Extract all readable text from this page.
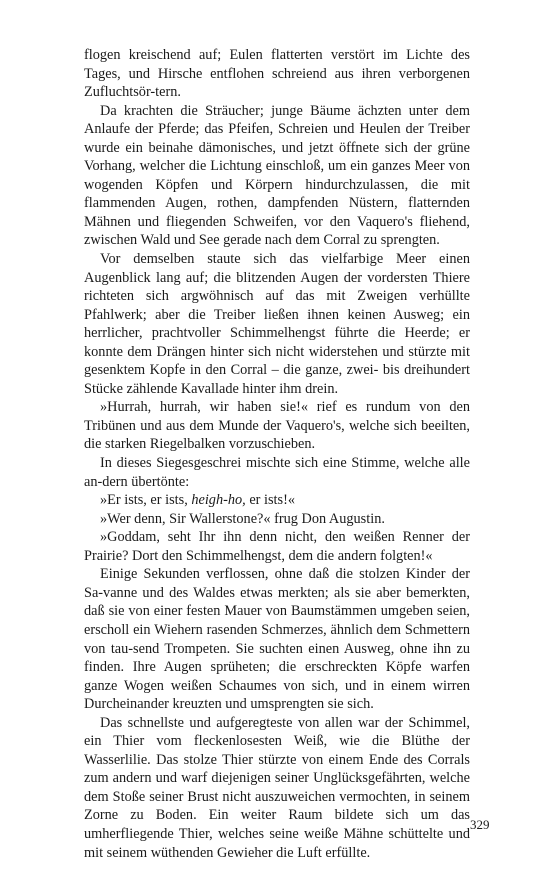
flogen kreischend auf; Eulen flatterten verstört im Lichte des Tages, und Hirsche entflohen schreiend aus ihren verborgenen Zufluchtsör-tern.

Da krachten die Sträucher; junge Bäume ächzten unter dem Anlaufe der Pferde; das Pfeifen, Schreien und Heulen der Treiber wurde ein beinahe dämonisches, und jetzt öffnete sich der grüne Vorhang, welcher die Lichtung einschloß, um ein ganzes Meer von wogenden Köpfen und Körpern hindurchzulassen, die mit flammenden Augen, rothen, dampfenden Nüstern, flatternden Mähnen und fliegenden Schweifen, vor den Vaquero's fliehend, zwischen Wald und See gerade nach dem Corral zu sprengten.

Vor demselben staute sich das vielfarbige Meer einen Augenblick lang auf; die blitzenden Augen der vordersten Thiere richteten sich argwöhnisch auf das mit Zweigen verhüllte Pfahlwerk; aber die Treiber ließen ihnen keinen Ausweg; ein herrlicher, prachtvoller Schimmelhengst führte die Heerde; er konnte dem Drängen hinter sich nicht widerstehen und stürzte mit gesenktem Kopfe in den Corral – die ganze, zwei- bis dreihundert Stücke zählende Kavallade hinter ihm drein.

»Hurrah, hurrah, wir haben sie!« rief es rundum von den Tribünen und aus dem Munde der Vaquero's, welche sich beeilten, die starken Riegelbalken vorzuschieben.

In dieses Siegesgeschrei mischte sich eine Stimme, welche alle an-dern übertönte:

»Er ists, er ists, heigh-ho, er ists!«

»Wer denn, Sir Wallerstone?« frug Don Augustin.

»Goddam, seht Ihr ihn denn nicht, den weißen Renner der Prairie? Dort den Schimmelhengst, dem die andern folgten!«

Einige Sekunden verflossen, ohne daß die stolzen Kinder der Sa-vanne und des Waldes etwas merkten; als sie aber bemerkten, daß sie von einer festen Mauer von Baumstämmen umgeben seien, erscholl ein Wiehern rasenden Schmerzes, ähnlich dem Schmettern von tau-send Trompeten. Sie suchten einen Ausweg, ohne ihn zu finden. Ihre Augen sprüheten; die erschreckten Köpfe warfen ganze Wogen weißen Schaumes von sich, und in einem wirren Durcheinander kreuzten und umsprengten sie sich.

Das schnellste und aufgeregteste von allen war der Schimmel, ein Thier vom fleckenlosesten Weiß, wie die Blüthe der Wasserlilie. Das stolze Thier stürzte von einem Ende des Corrals zum andern und warf diejenigen seiner Unglücksgefährten, welche dem Stoße seiner Brust nicht auszuweichen vermochten, in seinem Zorne zu Boden. Ein weiter Raum bildete sich um das umherfliegende Thier, welches seine weiße Mähne schüttelte und mit seinem wüthenden Gewieher die Luft erfüllte.

329
